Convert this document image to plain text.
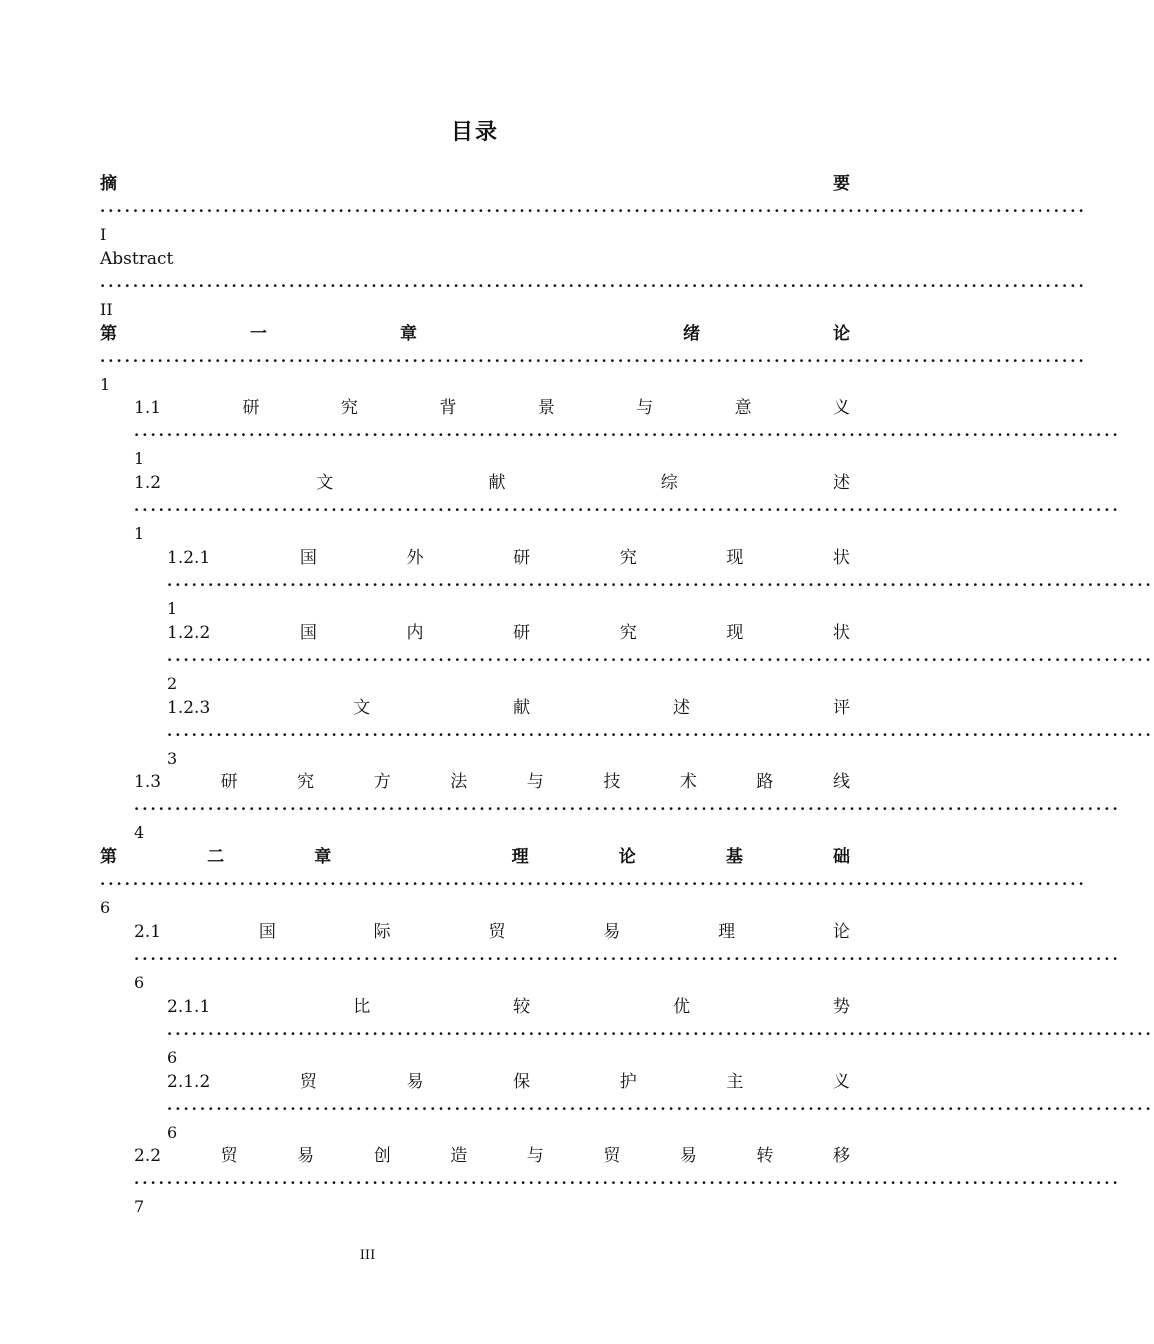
目录
摘	要
........................................................................................................................
I
Abstract
........................................................................................................................
II
第	一	章	绪	论
........................................................................................................................
1
1.1	研	究	背	景	与	意	义
........................................................................................................................
1
1.2	文	献	综	述
........................................................................................................................
1
1.2.1	国	外	研	究	现	状
........................................................................................................................
1
1.2.2	国	内	研	究	现	状
........................................................................................................................
2
1.2.3	文	献	述	评
........................................................................................................................
3
1.3	研	究	方	法	与	技	术	路	线
........................................................................................................................
4
第	二	章	理	论	基	础
........................................................................................................................
6
2.1	国	际	贸	易	理	论
........................................................................................................................
6
2.1.1	比	较	优	势
........................................................................................................................
6
2.1.2	贸	易	保	护	主	义
........................................................................................................................
6
2.2	贸	易	创	造	与	贸	易	转	移
........................................................................................................................
7
III
